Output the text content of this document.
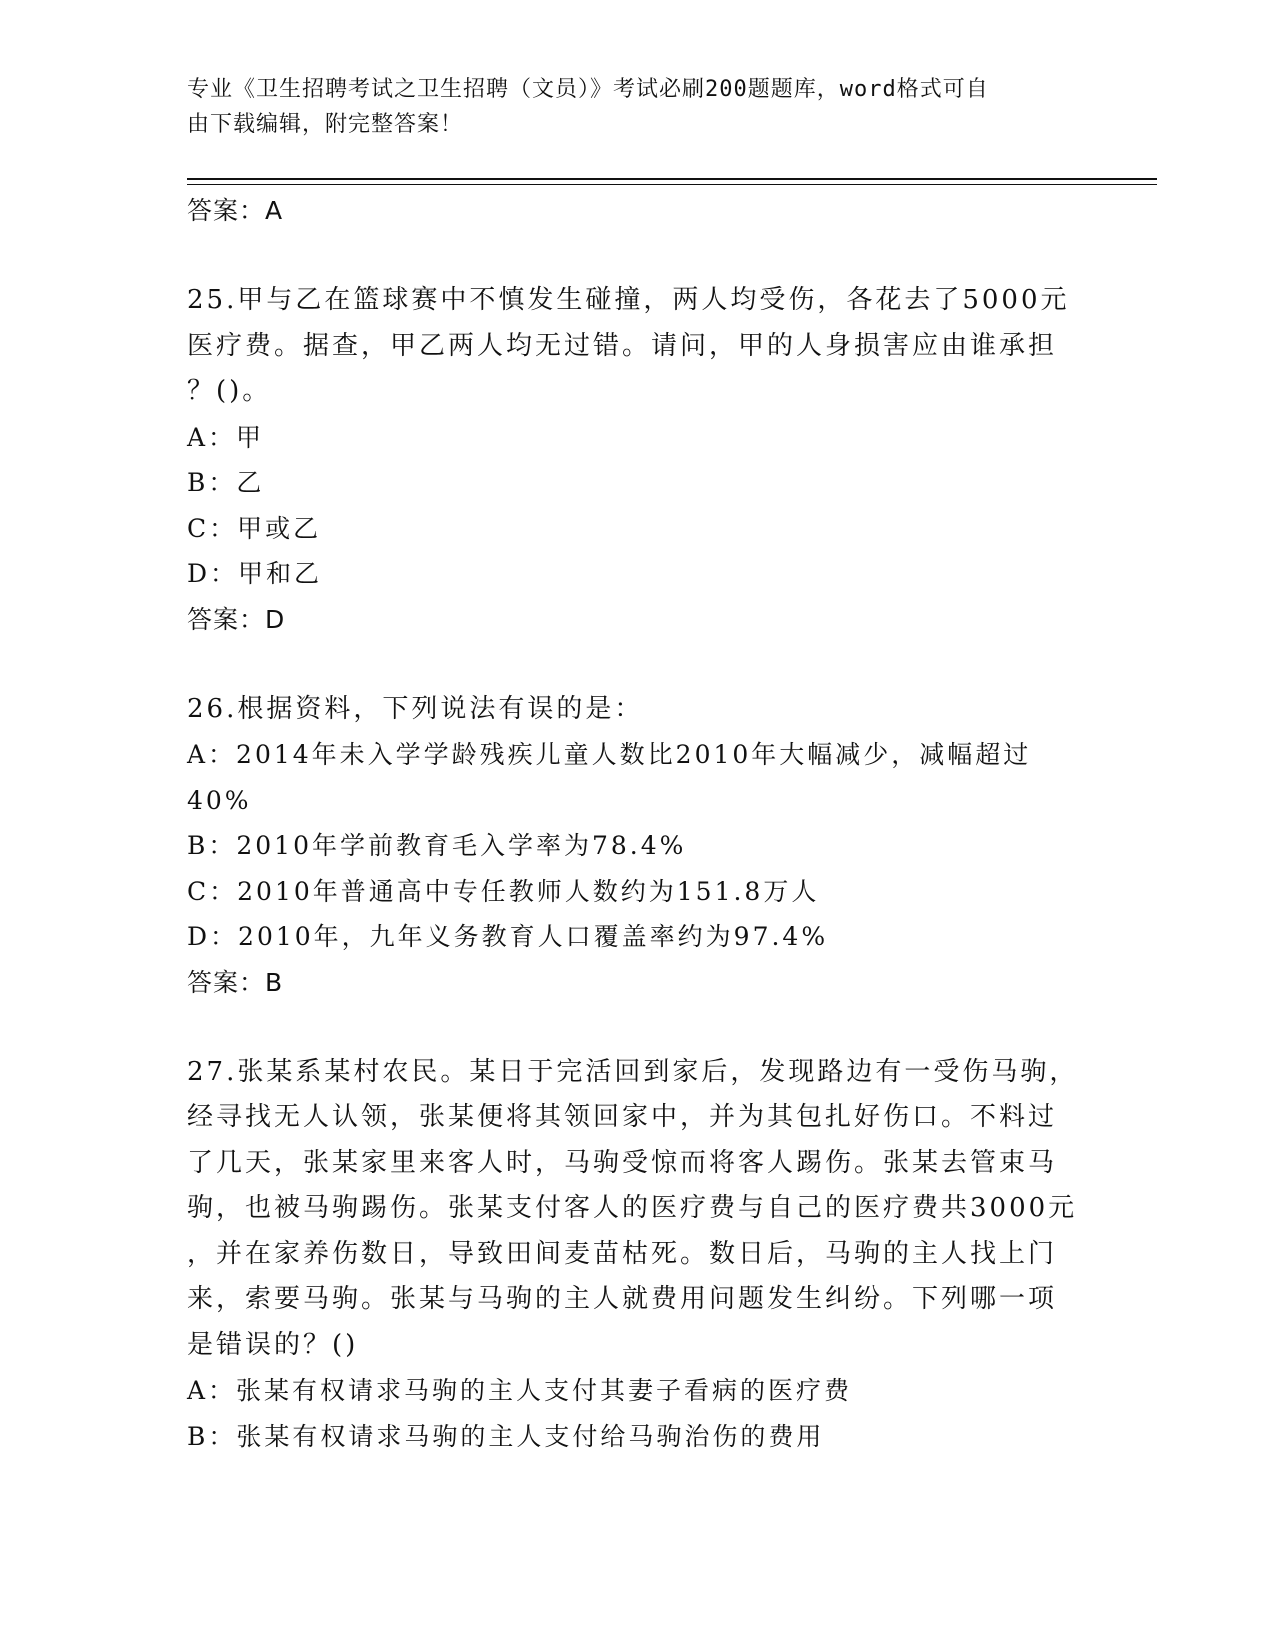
专业《卫生招聘考试之卫生招聘（文员）》考试必刷200题题库，word格式可自
由下载编辑，附完整答案！
答案：A
25.甲与乙在篮球赛中不慎发生碰撞，两人均受伤，各花去了5000元
医疗费。据查，甲乙两人均无过错。请问，甲的人身损害应由谁承担
？()。
A：甲
B：乙
C：甲或乙
D：甲和乙
答案：D
26.根据资料，下列说法有误的是：
A：2014年未入学学龄残疾儿童人数比2010年大幅减少，减幅超过
40%
B：2010年学前教育毛入学率为78.4%
C：2010年普通高中专任教师人数约为151.8万人
D：2010年，九年义务教育人口覆盖率约为97.4%
答案：B
27.张某系某村农民。某日于完活回到家后，发现路边有一受伤马驹，
经寻找无人认领，张某便将其领回家中，并为其包扎好伤口。不料过
了几天，张某家里来客人时，马驹受惊而将客人踢伤。张某去管束马
驹，也被马驹踢伤。张某支付客人的医疗费与自己的医疗费共3000元
，并在家养伤数日，导致田间麦苗枯死。数日后，马驹的主人找上门
来，索要马驹。张某与马驹的主人就费用问题发生纠纷。下列哪一项
是错误的？()
A：张某有权请求马驹的主人支付其妻子看病的医疗费
B：张某有权请求马驹的主人支付给马驹治伤的费用
